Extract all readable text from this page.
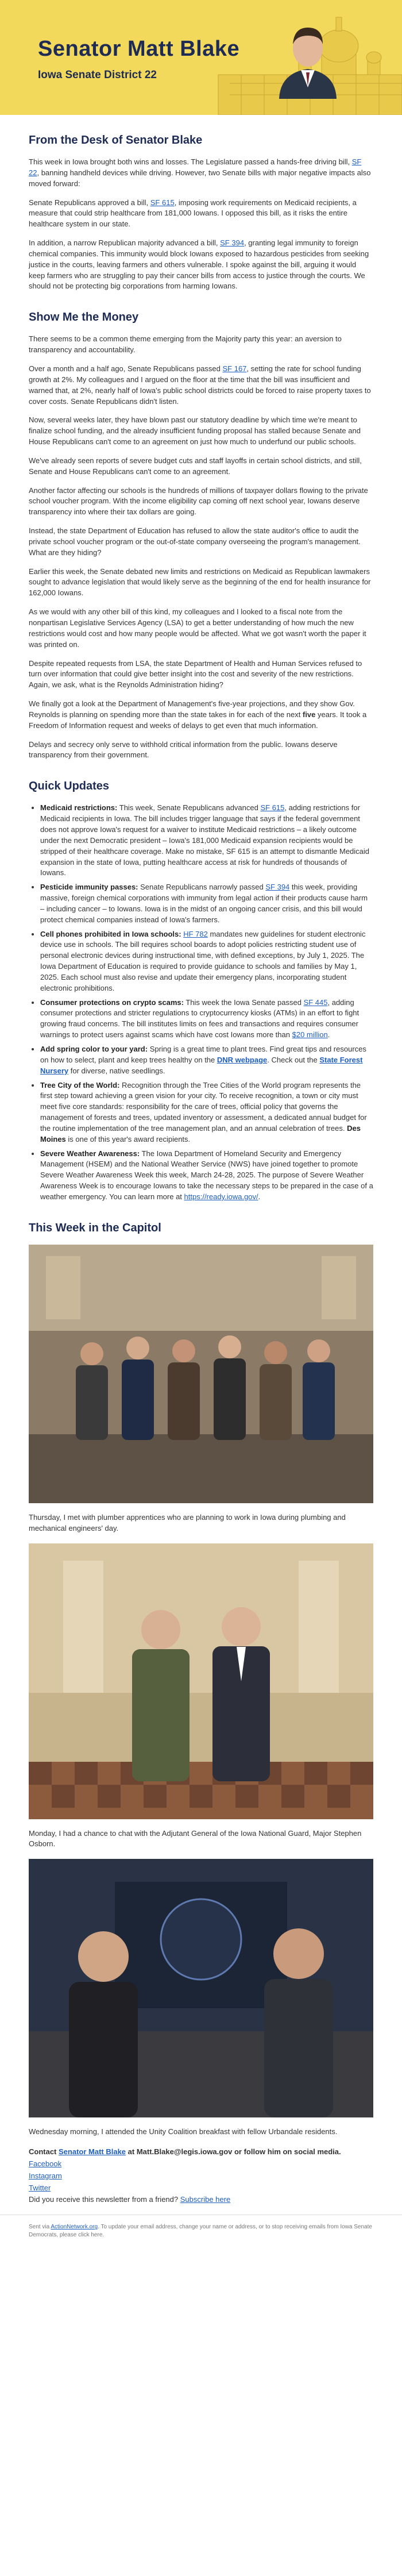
Senator Matt Blake
Iowa Senate District 22
From the Desk of Senator Blake

This week in Iowa brought both wins and losses. The Legislature passed a hands-free driving bill, SF 22, banning handheld devices while driving. However, two Senate bills with major negative impacts also moved forward:

Senate Republicans approved a bill, SF 615, imposing work requirements on Medicaid recipients, a measure that could strip healthcare from 181,000 Iowans. I opposed this bill, as it risks the entire healthcare system in our state.

In addition, a narrow Republican majority advanced a bill, SF 394, granting legal immunity to foreign chemical companies. This immunity would block Iowans exposed to hazardous pesticides from seeking justice in the courts, leaving farmers and others vulnerable. I spoke against the bill, arguing it would keep farmers who are struggling to pay their cancer bills from access to justice through the courts. We should not be protecting big corporations from harming Iowans.

Show Me the Money

There seems to be a common theme emerging from the Majority party this year: an aversion to transparency and accountability.

Over a month and a half ago, Senate Republicans passed SF 167, setting the rate for school funding growth at 2%. My colleagues and I argued on the floor at the time that the bill was insufficient and warned that, at 2%, nearly half of Iowa's public school districts could be forced to raise property taxes to cover costs. Senate Republicans didn't listen.

Now, several weeks later, they have blown past our statutory deadline by which time we're meant to finalize school funding, and the already insufficient funding proposal has stalled because Senate and House Republicans can't come to an agreement on just how much to underfund our public schools.

We've already seen reports of severe budget cuts and staff layoffs in certain school districts, and still, Senate and House Republicans can't come to an agreement.

Another factor affecting our schools is the hundreds of millions of taxpayer dollars flowing to the private school voucher program. With the income eligibility cap coming off next school year, Iowans deserve transparency into where their tax dollars are going.

Instead, the state Department of Education has refused to allow the state auditor's office to audit the private school voucher program or the out-of-state company overseeing the program's management. What are they hiding?

Earlier this week, the Senate debated new limits and restrictions on Medicaid as Republican lawmakers sought to advance legislation that would likely serve as the beginning of the end for health insurance for 162,000 Iowans.

As we would with any other bill of this kind, my colleagues and I looked to a fiscal note from the nonpartisan Legislative Services Agency (LSA) to get a better understanding of how much the new restrictions would cost and how many people would be affected. What we got wasn't worth the paper it was printed on.

Despite repeated requests from LSA, the state Department of Health and Human Services refused to turn over information that could give better insight into the cost and severity of the new restrictions. Again, we ask, what is the Reynolds Administration hiding?

We finally got a look at the Department of Management's five-year projections, and they show Gov. Reynolds is planning on spending more than the state takes in for each of the next five years. It took a Freedom of Information request and weeks of delays to get even that much information.

Delays and secrecy only serve to withhold critical information from the public. Iowans deserve transparency from their government.

Quick Updates
• Medicaid restrictions: This week, Senate Republicans advanced SF 615, adding restrictions for Medicaid recipients in Iowa. The bill includes trigger language that says if the federal government does not approve Iowa's request for a waiver to institute Medicaid restrictions – a likely outcome under the next Democratic president – Iowa's 181,000 Medicaid expansion recipients would be stripped of their healthcare coverage. Make no mistake, SF 615 is an attempt to dismantle Medicaid expansion in the state of Iowa, putting healthcare access at risk for hundreds of thousands of Iowans.
• Pesticide immunity passes: Senate Republicans narrowly passed SF 394 this week, providing massive, foreign chemical corporations with immunity from legal action if their products cause harm – including cancer – to Iowans. Iowa is in the midst of an ongoing cancer crisis, and this bill would protect chemical companies instead of Iowa's farmers.
• Cell phones prohibited in Iowa schools: HF 782 mandates new guidelines for student electronic device use in schools. The bill requires school boards to adopt policies restricting student use of personal electronic devices during instructional time, with defined exceptions, by July 1, 2025. The Iowa Department of Education is required to provide guidance to schools and families by May 1, 2025. Each school must also revise and update their emergency plans, incorporating student electronic prohibitions.
• Consumer protections on crypto scams: This week the Iowa Senate passed SF 445, adding consumer protections and stricter regulations to cryptocurrency kiosks (ATMs) in an effort to fight growing fraud concerns. The bill institutes limits on fees and transactions and requires consumer warnings to protect users against scams which have cost Iowans more than $20 million.
• Add spring color to your yard: Spring is a great time to plant trees. Find great tips and resources on how to select, plant and keep trees healthy on the DNR webpage. Check out the State Forest Nursery for diverse, native seedlings.
• Tree City of the World: Recognition through the Tree Cities of the World program represents the first step toward achieving a green vision for your city. To receive recognition, a town or city must meet five core standards: responsibility for the care of trees, official policy that governs the management of forests and trees, updated inventory or assessment, a dedicated annual budget for the routine implementation of the tree management plan, and an annual celebration of trees. Des Moines is one of this year's award recipients.
• Severe Weather Awareness: The Iowa Department of Homeland Security and Emergency Management (HSEM) and the National Weather Service (NWS) have joined together to promote Severe Weather Awareness Week this week, March 24-28, 2025. The purpose of Severe Weather Awareness Week is to encourage Iowans to take the necessary steps to be prepared in the case of a weather emergency. You can learn more at https://ready.iowa.gov/.
This Week in the Capitol

Thursday, I met with plumber apprentices who are planning to work in Iowa during plumbing and mechanical engineers' day.

Monday, I had a chance to chat with the Adjutant General of the Iowa National Guard, Major Stephen Osborn.

Wednesday morning, I attended the Unity Coalition breakfast with fellow Urbandale residents.

Contact Senator Matt Blake at Matt.Blake@legis.iowa.gov or follow him on social media.
Facebook
Instagram
Twitter
Did you receive this newsletter from a friend? Subscribe here
Sent via ActionNetwork.org. To update your email address, change your name or address, or to stop receiving emails from Iowa Senate Democrats, please click here.
